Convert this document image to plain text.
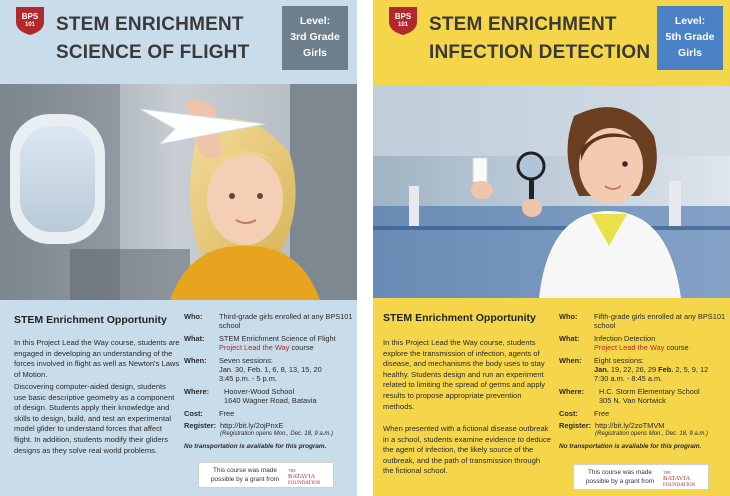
BPS
101	STEM ENRICHMENT
SCIENCE OF FLIGHT
Level:
3rd Grade
Girls
STEM Enrichment Opportunity
In this Project Lead the Way course, students are engaged in developing an understanding of the forces involved in flight as well as Newton's Laws of Motion.
Discovering computer-aided design, students use basic descriptive geometry as a component of design. Students apply their knowledge and skills to design, build, and test an experimental model glider to understand forces that affect flight. In addition, students modify their gliders designs as they solve real world problems.
Who:	Third-grade girls enrolled at any BPS101 school
What:	STEM Enrichment Science of Flight
Project Lead the Way course
When:	Seven sessions:
Jan. 30, Feb. 1, 6, 8, 13, 15, 20
3:45 p.m. - 5 p.m.
Where:	Hoover-Wood School
1640 Wagner Road, Batavia
Cost:	Free
Register: http://bit.ly/2ojPnxE
(Registration opens Mon., Dec. 18, 9 a.m.)
No transportation is available for this program.
This course was made possible by a grant from
THE
BATAVIA
FOUNDATION
BPS
101	STEM ENRICHMENT
INFECTION DETECTION
Level:
5th Grade
Girls
STEM Enrichment Opportunity
In this Project Lead the Way course, students explore the transmission of infection, agents of disease, and mechanisms the body uses to stay healthy. Students design and run an experiment related to limiting the spread of germs and apply results to propose appropriate prevention methods.
When presented with a fictional disease outbreak in a school, students examine evidence to deduce the agent of infection, the likely source of the outbreak, and the path of transmission through the fictional school.
Who:	Fifth-grade girls enrolled at any BPS101 school
What:	Infection Detection
Project Lead the Way course
When:	Eight sessions:
Jan. 19, 22, 26, 29 Feb. 2, 5, 9, 12
7:30 a.m. - 8:45 a.m.
Where:	H.C. Storm Elementary School
305 N. Van Nortwick
Cost:	Free
Register: http://bit.ly/2zoTMVM
(Registration opens Mon., Dec. 18, 9 a.m.)
No transportation is available for this program.
This course was made possible by a grant from
THE
BATAVIA
FOUNDATION
